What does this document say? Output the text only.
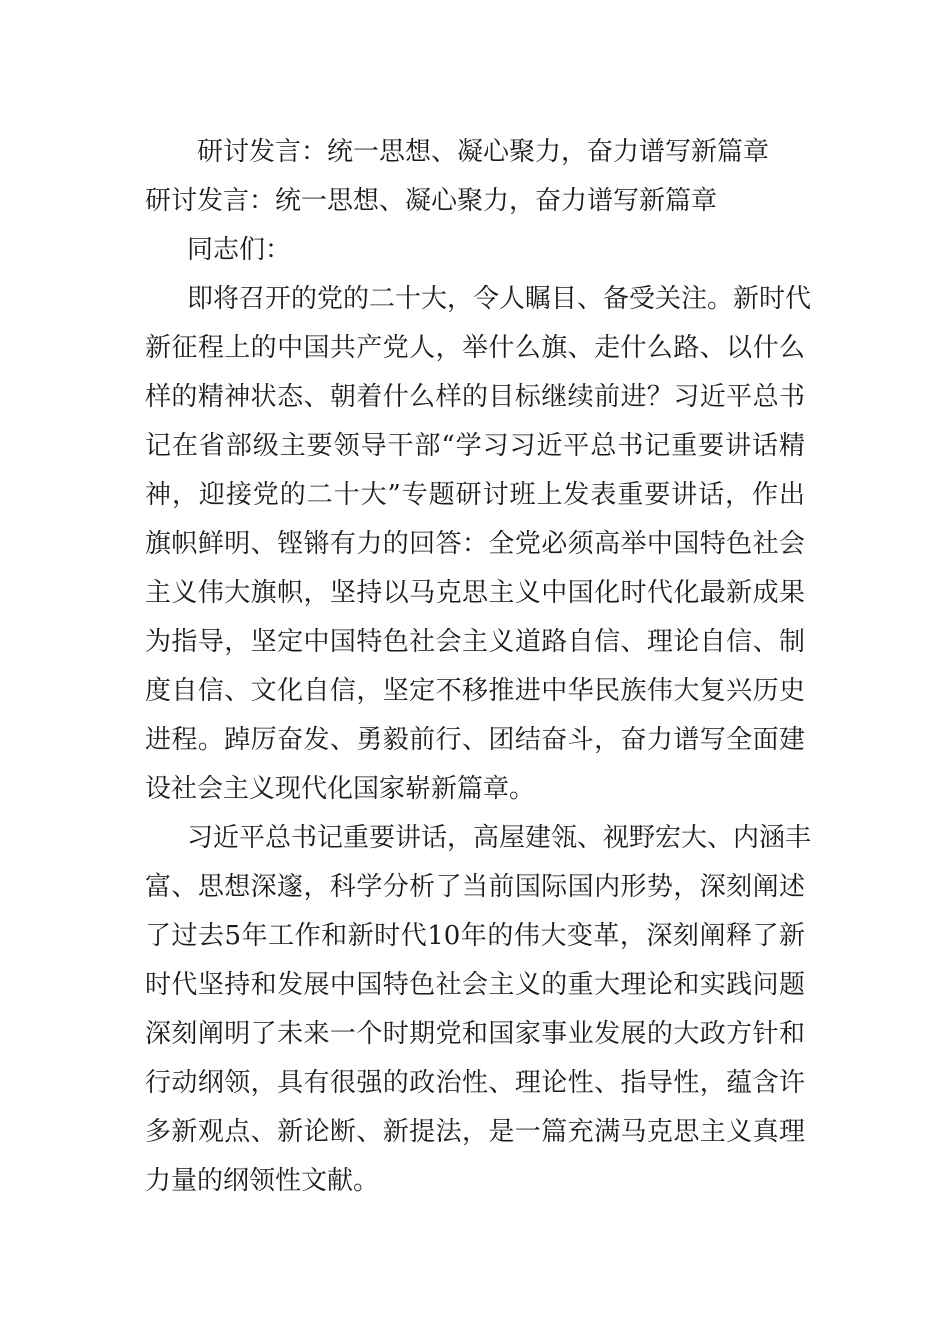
研讨发言：统一思想、凝心聚力，奋力谱写新篇章
研讨发言：统一思想、凝心聚力，奋力谱写新篇章

同志们：

即将召开的党的二十大，令人瞩目、备受关注。新时代
新征程上的中国共产党人，举什么旗、走什么路、以什么
样的精神状态、朝着什么样的目标继续前进？习近平总书
记在省部级主要领导干部“学习习近平总书记重要讲话精
神，迎接党的二十大”专题研讨班上发表重要讲话，作出
旗帜鲜明、铿锵有力的回答：全党必须高举中国特色社会
主义伟大旗帜，坚持以马克思主义中国化时代化最新成果
为指导，坚定中国特色社会主义道路自信、理论自信、制
度自信、文化自信，坚定不移推进中华民族伟大复兴历史
进程。踔厉奋发、勇毅前行、团结奋斗，奋力谱写全面建
设社会主义现代化国家崭新篇章。
习近平总书记重要讲话，高屋建瓴、视野宏大、内涵丰
富、思想深邃，科学分析了当前国际国内形势，深刻阐述
了过去5年工作和新时代10年的伟大变革，深刻阐释了新
时代坚持和发展中国特色社会主义的重大理论和实践问题
深刻阐明了未来一个时期党和国家事业发展的大政方针和
行动纲领，具有很强的政治性、理论性、指导性，蕴含许
多新观点、新论断、新提法，是一篇充满马克思主义真理
力量的纲领性文献。
